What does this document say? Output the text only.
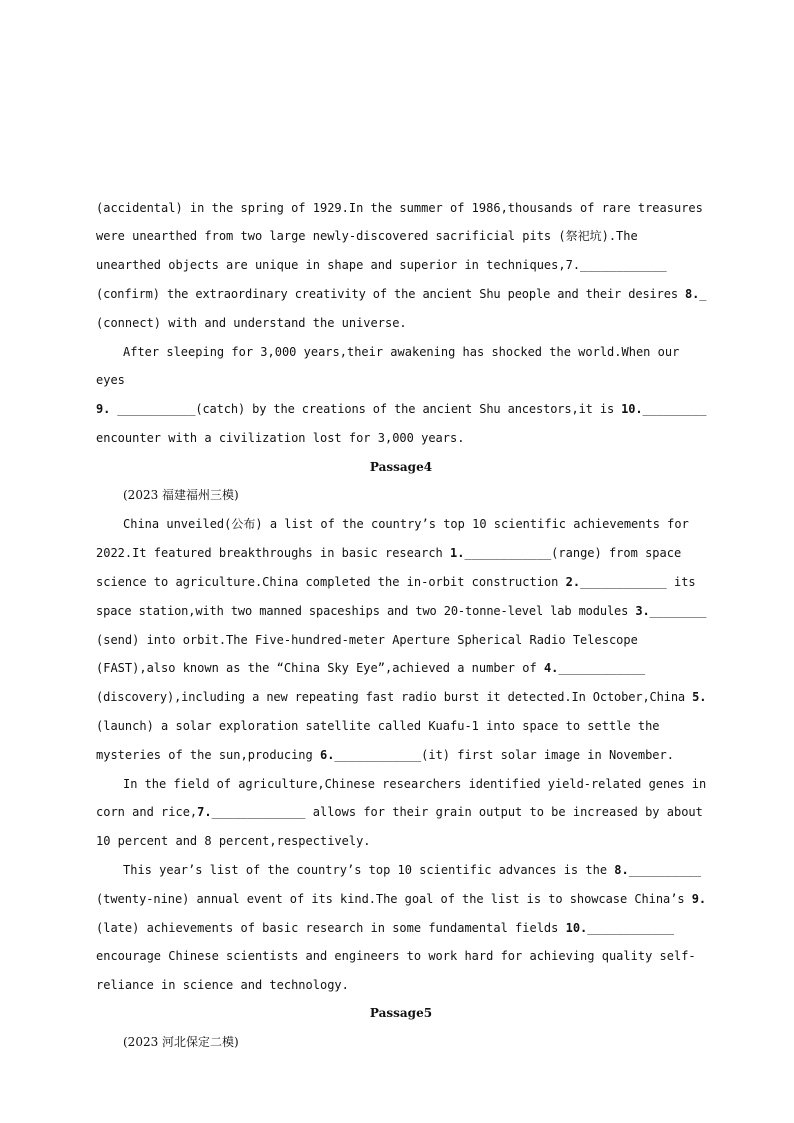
(accidental) in the spring of 1929.In the summer of 1986,thousands of rare treasures
were unearthed from two large newly-discovered sacrificial pits (祭祀坑).The
unearthed objects are unique in shape and superior in techniques,7.____________
(confirm) the extraordinary creativity of the ancient Shu people and their desires 8._
(connect) with and understand the universe.
After sleeping for 3,000 years,their awakening has shocked the world.When our
eyes
9. ___________(catch) by the creations of the ancient Shu ancestors,it is 10._________
encounter with a civilization lost for 3,000 years.
Passage4
(2023 福建福州三模)
China unveiled(公布) a list of the country’s top 10 scientific achievements for
2022.It featured breakthroughs in basic research 1.____________(range) from space
science to agriculture.China completed the in-orbit construction 2.____________ its
space station,with two manned spaceships and two 20-tonne-level lab modules 3.________
(send) into orbit.The Five-hundred-meter Aperture Spherical Radio Telescope
(FAST),also known as the “China Sky Eye”,achieved a number of 4.____________
(discovery),including a new repeating fast radio burst it detected.In October,China 5.
(launch) a solar exploration satellite called Kuafu-1 into space to settle the
mysteries of the sun,producing 6.____________(it) first solar image in November.
In the field of agriculture,Chinese researchers identified yield-related genes in
corn and rice,7._____________ allows for their grain output to be increased by about
10 percent and 8 percent,respectively.
This year’s list of the country’s top 10 scientific advances is the 8.__________
(twenty-nine) annual event of its kind.The goal of the list is to showcase China’s 9.
(late) achievements of basic research in some fundamental fields 10.____________
encourage Chinese scientists and engineers to work hard for achieving quality self-
reliance in science and technology.
Passage5
(2023 河北保定二模)
